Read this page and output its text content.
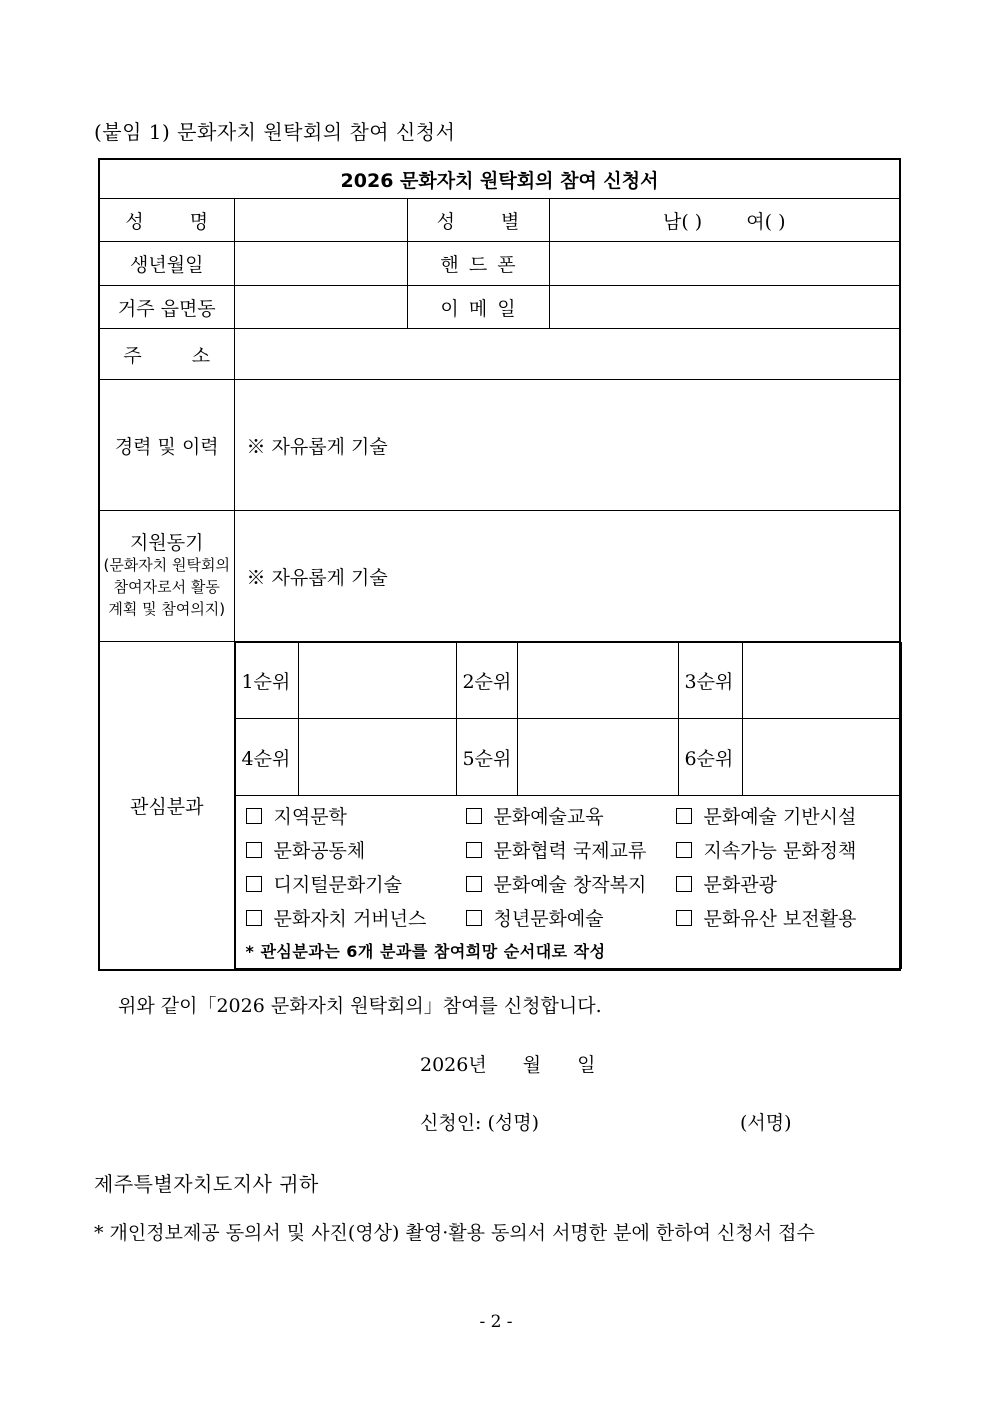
(붙임 1) 문화자치 원탁회의 참여 신청서
2026 문화자치 원탁회의 참여 신청서
성 명		성 별	남( ) 여( )
생년월일		핸 드 폰	
거주 읍면동		이 메 일	
주 소	
경력 및 이력	※ 자유롭게 기술

지원동기
(문화자치 원탁회의
참여자로서 활동
계획 및 참여의지)
	※ 자유롭게 기술
관심분과	
1순위		2순위		3순위	
4순위		5순위		6순위	

지역문학	문화예술교육	문화예술 기반시설
문화공동체	문화협력 국제교류	지속가능 문화정책
디지털문화기술	문화예술 창작복지	문화관광
문화자치 거버넌스	청년문화예술	문화유산 보전활용
* 관심분과는 6개 분과를 참여희망 순서대로 작성
위와 같이「2026 문화자치 원탁회의」참여를 신청합니다.
2026년 월 일
신청인: (성명)	(서명)
제주특별자치도지사 귀하
* 개인정보제공 동의서 및 사진(영상) 촬영·활용 동의서 서명한 분에 한하여 신청서 접수
- 2 -
